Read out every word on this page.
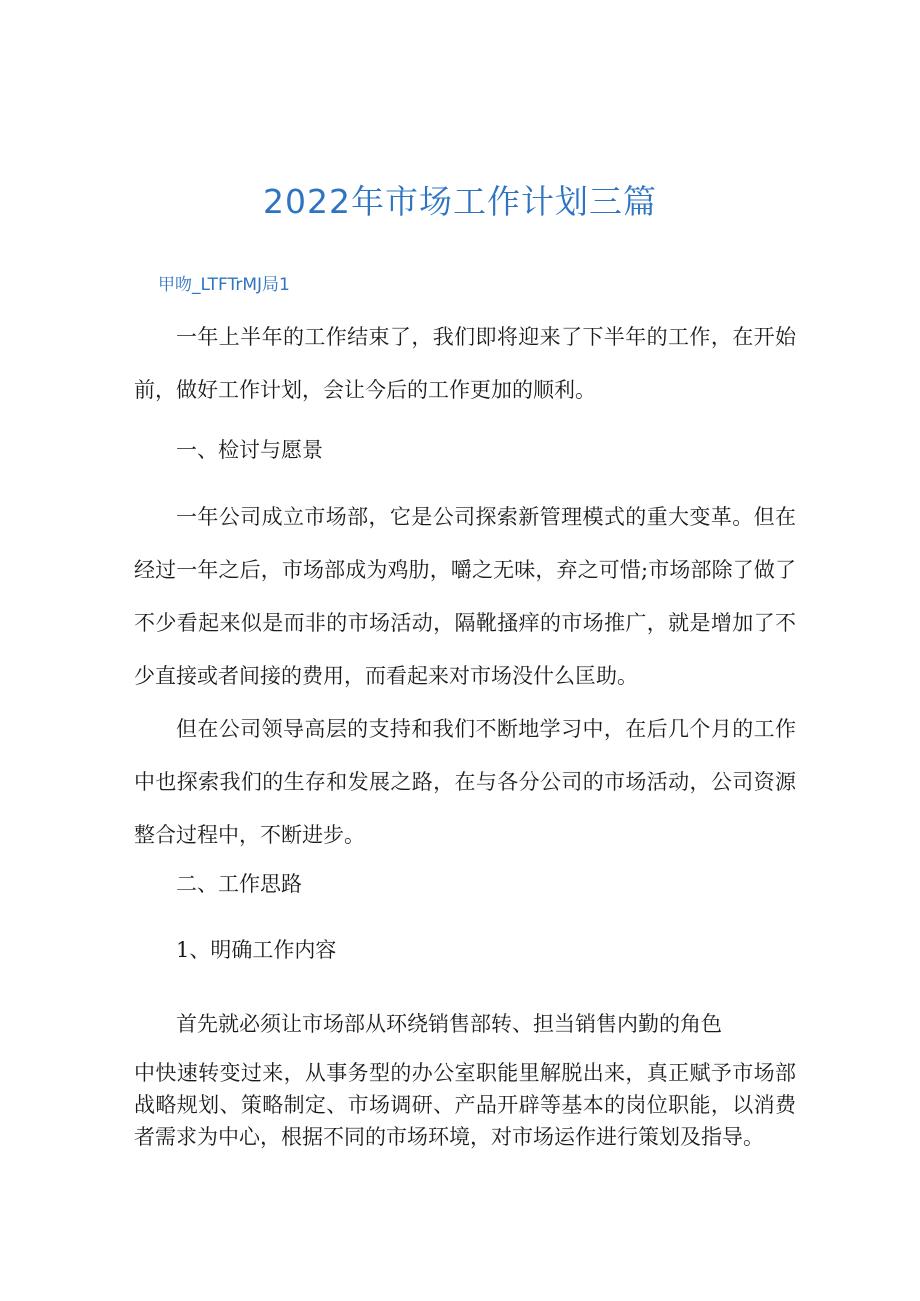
2022年市场工作计划三篇

甲吻_LTFTrMJ局1

一年上半年的工作结束了，我们即将迎来了下半年的工作，在开始前，做好工作计划，会让今后的工作更加的顺利。

一、检讨与愿景

一年公司成立市场部，它是公司探索新管理模式的重大变革。但在经过一年之后，市场部成为鸡肋，嚼之无味，弃之可惜;市场部除了做了不少看起来似是而非的市场活动，隔靴搔痒的市场推广，就是增加了不少直接或者间接的费用，而看起来对市场没什么匡助。

但在公司领导高层的支持和我们不断地学习中，在后几个月的工作中也探索我们的生存和发展之路，在与各分公司的市场活动，公司资源整合过程中，不断进步。

二、工作思路

1、明确工作内容

首先就必须让市场部从环绕销售部转、担当销售内勤的角色

中快速转变过来，从事务型的办公室职能里解脱出来，真正赋予市场部战略规划、策略制定、市场调研、产品开辟等基本的岗位职能，以消费者需求为中心，根据不同的市场环境，对市场运作进行策划及指导。
